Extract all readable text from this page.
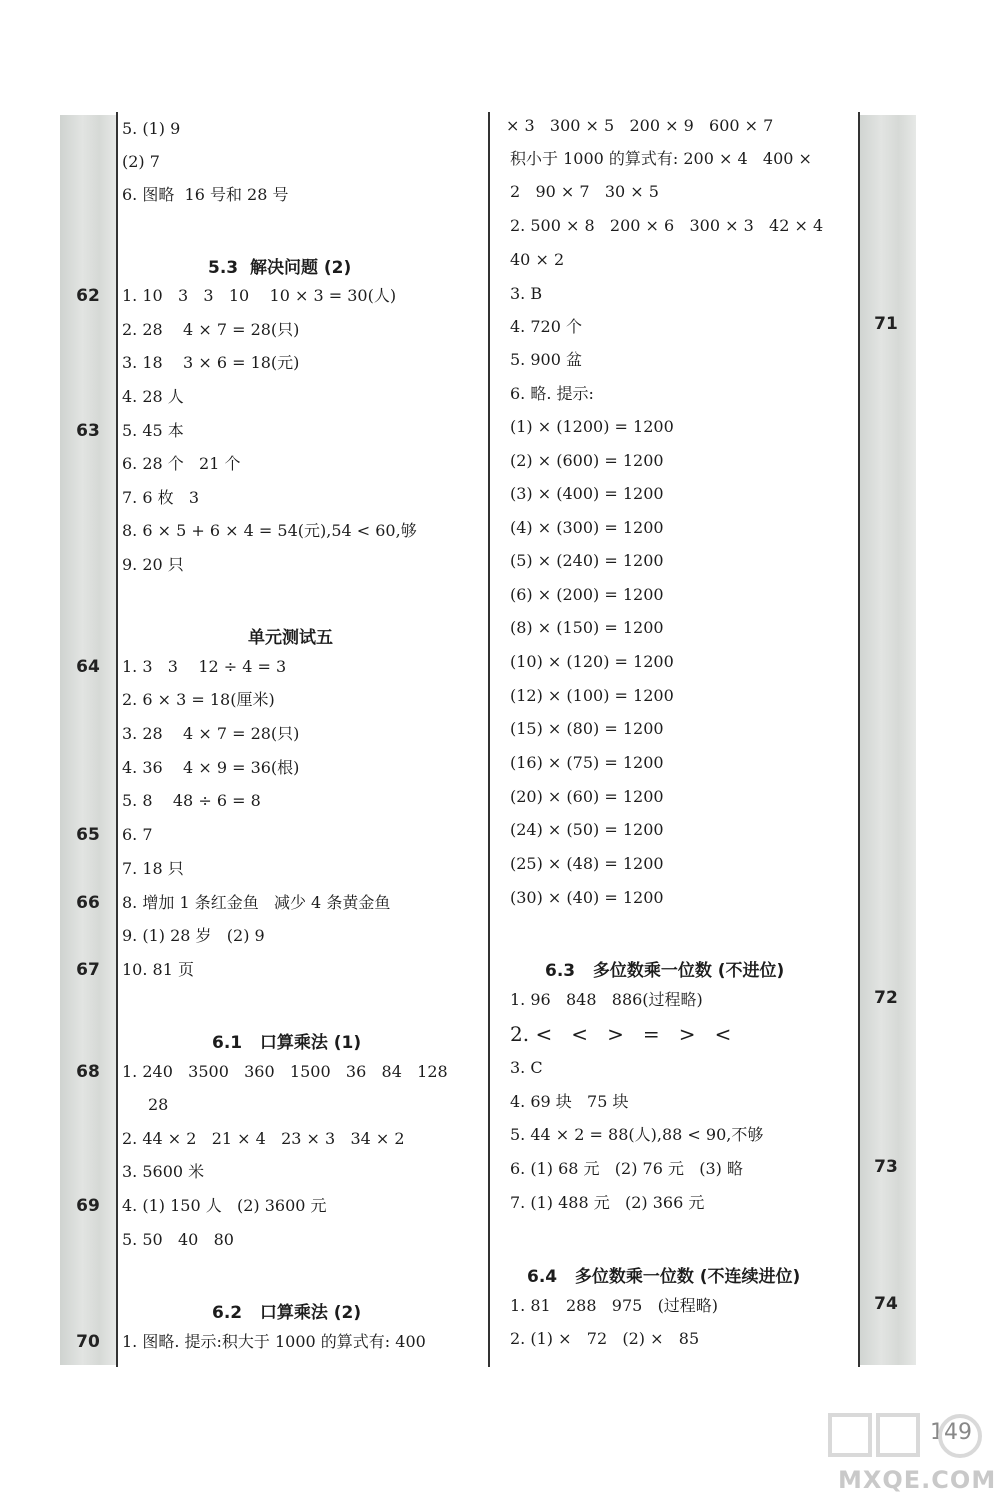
62
63
64
65
66
67
68
69
70
71
72
73
74
5. (1) 9
(2) 7
6. 图略  16 号和 28 号
5.3  解决问题 (2)
1. 10   3   3   10    10 × 3 = 30(人)
2. 28    4 × 7 = 28(只)
3. 18    3 × 6 = 18(元)
4. 28 人
5. 45 本
6. 28 个   21 个
7. 6 枚   3
8. 6 × 5 + 6 × 4 = 54(元),54 < 60,够
9. 20 只
单元测试五
1. 3   3    12 ÷ 4 = 3
2. 6 × 3 = 18(厘米)
3. 28    4 × 7 = 28(只)
4. 36    4 × 9 = 36(根)
5. 8    48 ÷ 6 = 8
6. 7
7. 18 只
8. 增加 1 条红金鱼   减少 4 条黄金鱼
9. (1) 28 岁   (2) 9
10. 81 页
6.1   口算乘法 (1)
1. 240   3500   360   1500   36   84   128
28
2. 44 × 2   21 × 4   23 × 3   34 × 2
3. 5600 米
4. (1) 150 人   (2) 3600 元
5. 50   40   80
6.2   口算乘法 (2)
1. 图略. 提示:积大于 1000 的算式有: 400
× 3   300 × 5   200 × 9   600 × 7
积小于 1000 的算式有: 200 × 4   400 ×
2   90 × 7   30 × 5
2. 500 × 8   200 × 6   300 × 3   42 × 4
40 × 2
3. B
4. 720 个
5. 900 盆
6. 略. 提示:
(1) × (1200) = 1200
(2) × (600) = 1200
(3) × (400) = 1200
(4) × (300) = 1200
(5) × (240) = 1200
(6) × (200) = 1200
(8) × (150) = 1200
(10) × (120) = 1200
(12) × (100) = 1200
(15) × (80) = 1200
(16) × (75) = 1200
(20) × (60) = 1200
(24) × (50) = 1200
(25) × (48) = 1200
(30) × (40) = 1200
6.3   多位数乘一位数 (不进位)
1. 96   848   886(过程略)
2. <   <   >   =   >   <
3. C
4. 69 块   75 块
5. 44 × 2 = 88(人),88 < 90,不够
6. (1) 68 元   (2) 76 元   (3) 略
7. (1) 488 元   (2) 366 元
6.4   多位数乘一位数 (不连续进位)
1. 81   288   975   (过程略)
2. (1) ×   72   (2) ×   85
149
MXQE.COM
